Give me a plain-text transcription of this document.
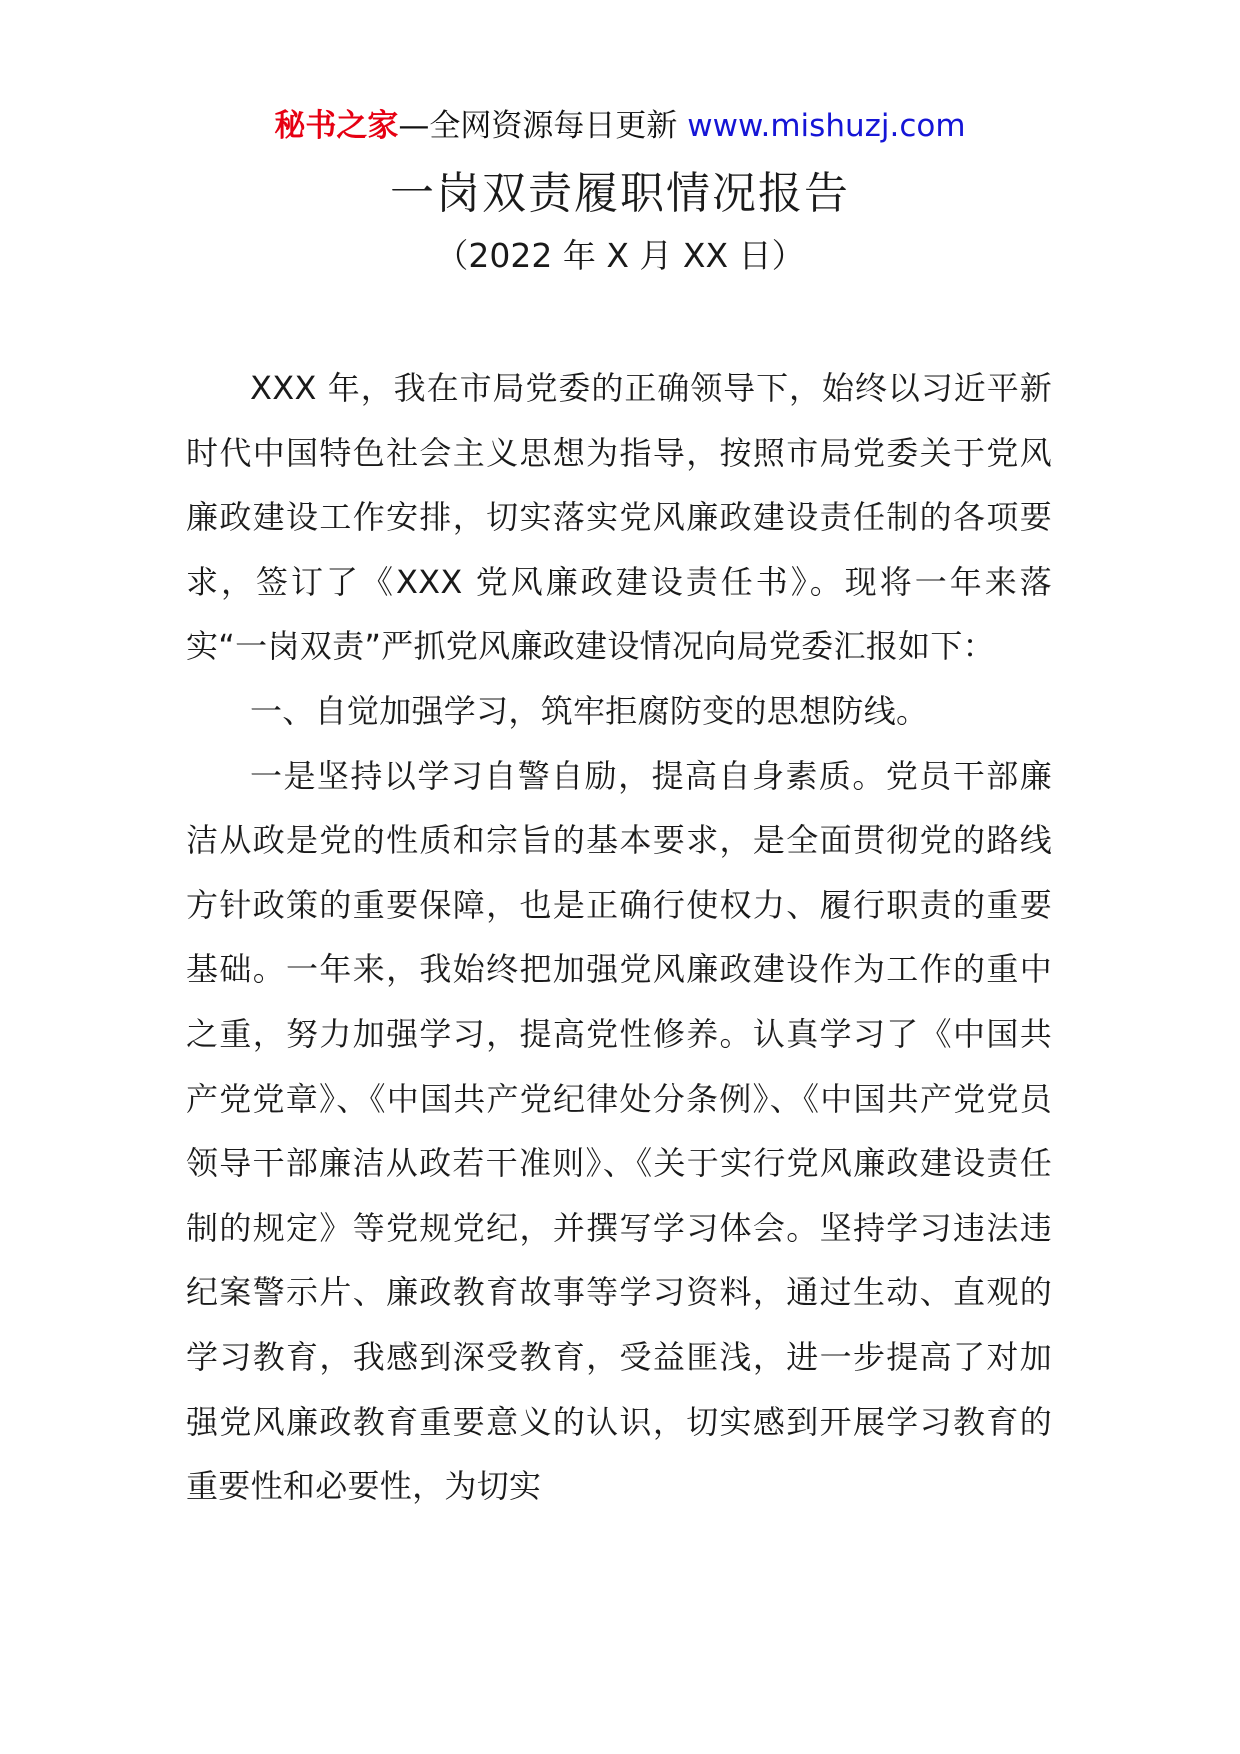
秘书之家—全网资源每日更新 www.mishuzj.com
一岗双责履职情况报告
（2022 年 X 月 XX 日）

XXX 年，我在市局党委的正确领导下，始终以习近平新时代中国特色社会主义思想为指导，按照市局党委关于党风廉政建设工作安排，切实落实党风廉政建设责任制的各项要求，签订了《XXX 党风廉政建设责任书》。现将一年来落实“一岗双责”严抓党风廉政建设情况向局党委汇报如下：

一、自觉加强学习，筑牢拒腐防变的思想防线。

一是坚持以学习自警自励，提高自身素质。党员干部廉洁从政是党的性质和宗旨的基本要求，是全面贯彻党的路线方针政策的重要保障，也是正确行使权力、履行职责的重要基础。一年来，我始终把加强党风廉政建设作为工作的重中之重，努力加强学习，提高党性修养。认真学习了《中国共产党党章》、《中国共产党纪律处分条例》、《中国共产党党员领导干部廉洁从政若干准则》、《关于实行党风廉政建设责任制的规定》等党规党纪，并撰写学习体会。坚持学习违法违纪案警示片、廉政教育故事等学习资料，通过生动、直观的学习教育，我感到深受教育，受益匪浅，进一步提高了对加强党风廉政教育重要意义的认识，切实感到开展学习教育的重要性和必要性，为切实
